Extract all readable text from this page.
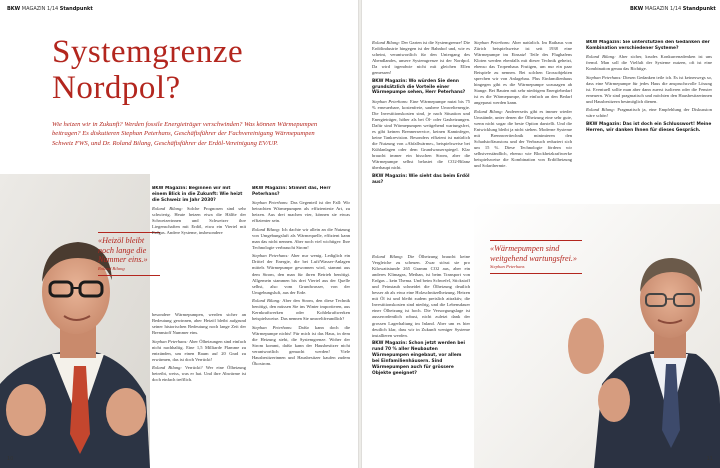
BKW MAGAZIN 1/14 Standpunkt
Systemgrenze
Nordpol?

Wie heizen wir in Zukunft? Werden fossile Energieträger verschwinden? Was können Wärmepumpen beitragen? Es diskutieren Stephan Peterhans, Geschäftsführer der Fachvereinigung Wärmepumpen Schweiz FWS, und Dr. Roland Bilang, Geschäftsführer der Erdöl-Vereinigung EV/UP.

«Heizöl bleibt noch lange die Nummer eins.»

Roland Bilang

BKW Magazin: Beginnen wir mit einem Blick in die Zukunft: Wie heizt die Schweiz im Jahr 2030?

Roland Bilang: Solche Prognosen sind sehr schwierig. Heute heizen etwa die Hälfte der Schweizerinnen und Schweizer ihre Liegenschaften mit Erdöl, etwa ein Viertel mit Erdgas. Andere Systeme, insbesondere

besondere Wärmepumpen, werden sicher an Bedeutung gewinnen, aber Heizöl bleibt aufgrund seiner historischen Bedeutung noch lange Zeit der Brennstoff Nummer eins.

Stephan Peterhans: Aber Ölheizungen sind einfach nicht nachhaltig. Eine 1,5 Milliarde Flamme zu entzünden, um einen Raum auf 20 Grad zu erwärmen, das ist doch Verrückt!

Roland Bilang: Verrückt? Wer eine Ölheizung betreibt, weiss, was er hat. Und ihre Abwärme ist doch einfach trefflich.

BKW Magazin: Stimmt das, Herr Peterhans?

Stephan Peterhans: Das Gegenteil ist der Fall: Wir betrachten Wärmepumpen als effizienteste Art, zu heizen. Aus drei machen vier, können sie etwas effizienter sein.

Roland Bilang: Ich dachte wir allein an die Nutzung von Umgebungsluft als Wärmequelle, effizient kann man das nicht nennen. Aber noch viel wichtiger: Ihre Technologie verbraucht Strom!

Stephan Peterhans: Aber nur wenig. Lediglich ein Drittel der Energie, die bei Luft/Wasser-Anlagen mittels Wärmepumpe gewonnen wird, stammt aus dem Strom, den man für ihren Betrieb benötigt. Allgemein stammen bis drei Viertel aus der Quelle selbst, also vom Grundwasser, von der Umgebungsluft, aus der Erde.

Roland Bilang: Aber den Strom, den diese Technik benötigt, den müssen Sie ins Winter importieren, aus Kernkraftwerken oder Kohlekraftwerken beispielsweise. Das nennen Sie umweltfreundlich?

Stephan Peterhans: Dafür kann doch die Wärmepumpe nichts! Für mich ist das Haus, in dem die Heizung steht, die Systemgrenze. Woher der Strom kommt, dafür kann der Hausbesitzer nicht verantwortlich gemacht werden! Viele Hausbesitzerinnen und Hausbesitzer kaufen zudem Ökostrom.

10
BKW MAGAZIN 1/14 Standpunkt

Roland Bilang: Der Garten ist die Systemgrenze! Die Erdölindustrie hingegen ist der Bahnhof und, wie es scheint, verantwortlich für den Untergang des Abendlandes, unsere Systemgrenze ist der Nordpol. Da wird irgendwie nicht mit gleichen Ellen gemessen!

BKW Magazin: Wo würden Sie denn grundsätzlich die Vorteile einer Wärmepumpe sehen, Herr Peterhans?

Stephan Peterhans: Eine Wärmepumpe nutzt bis 75 % erneuerbare, kostenfreie, saubere Umweltenergie. Die Investitionskosten sind, je nach Situation und Energieträger, höher als bei Öl- oder Gasheizungen. Dafür sind Wärmepumpen weitgehend wartungsfrei, es gibt keinen Brennerservice, keinen Kaminfeger, keine Tankrevision. Besonders effizient ist natürlich die Nutzung von «Abfallwärme», beispielsweise bei Kühlanlagen oder dem Grundwasserspiegel. Klar braucht immer ein bisschen Strom, aber die Wärmepumpe selbst belastet die CO2-Bilanz überhaupt nicht.

BKW Magazin: Wie sieht das beim Erdöl aus?

Stephan Peterhans: Aber natürlich. Im Rathaus von Zürich beispielsweise ist seit 1938 eine Wärmepumpe im Einsatz! Teile des Flughafens Kloten werden ebenfalls mit dieser Technik geheizt, ebenso das Tropenhaus Frutigen, um nur ein paar Beispiele zu nennen. Bei solchen Grossobjekten sprechen wir von Anlagebau. Plus Einfamilienhaus hingegen gibt es die Wärmepumpe sozusagen ab Stange. Bei Bauten mit sehr niedrigem Energiebedarf ist es die Wärmepumpe, die einfach an den Bedarf angepasst werden kann.

Roland Bilang: Andererseits gibt es immer wieder Umstände, unter denen die Ölheizung eine sehr gute, wenn nicht sogar die beste Option darstellt. Und die Entwicklung bleibt ja nicht stehen. Moderne Systeme mit Brennwerttechnik minimieren den Schadstoffausstoss und der Verbrauch reduziert sich um 15 %. Diese Technologie fördern wir selbstverständlich, ebenso wie Blockheizkraftwerke beispielsweise die Kombination von Erdölheizung und Solarthermie.

Roland Bilang: Die Ölheizung braucht keine Vergleiche zu scheuen. Zwar stösst sie pro Kilowattstunde 265 Gramm CO2 aus, aber ein anderes Klimagas, Methan, ist beim Transport von Erdgas – kein Thema. Und beim Schwefel, Stickstoff und Feinstaub schneidet die Ölheizung deutlich besser ab als etwa eine Holzschnitzelheizung. Heizen mit Öl ist und bleibt zudem preislich attraktiv, die Investitionskosten sind niedrig, und die Lebensdauer einer Ölheizung ist hoch. Die Versorgungslage ist ausserordentlich robust, nicht zuletzt dank der grossen Lagerhaltung im Inland. Aber um es hier deutlich klar, dass wir in Zukunft weniger Systeme installieren werden.

BKW Magazin: Schon jetzt werden bei rund 70 % aller Neubauten Wärmepumpen eingebaut, vor allem bei Einfamilienhäusern. Sind Wärmepumpen auch für grössere Objekte geeignet?

BKW Magazin: Sie unterstützen den Gedanken der Kombination verschiedener Systeme?

Roland Bilang: Aber sicher, krudes Konkurrenzdenken ist uns fremd. Man soll die Vielfalt der Systeme nutzen, oft ist eine Kombination genau das Richtige.

Stephan Peterhans: Diesen Gedanken teile ich. Es ist keineswegs so, dass eine Wärmepumpe für jedes Haus die anspruchsvolle Lösung ist. Eventuell sollte man aber dann zuerst isolieren oder die Fenster erneuern. Wir sind pragmatisch und möchten den Hausbesitzerinnen und Hausbesitzern bestmöglich dienen.

Roland Bilang: Pragmatisch ja, eine Empfehlung der Diskussion wäre schön!

BKW Magazin: Das ist doch ein Schlusswort! Meine Herren, wir danken Ihnen für dieses Gespräch.

«Wärmepumpen sind weitgehend wartungsfrei.»

Stephan Peterhans

11
